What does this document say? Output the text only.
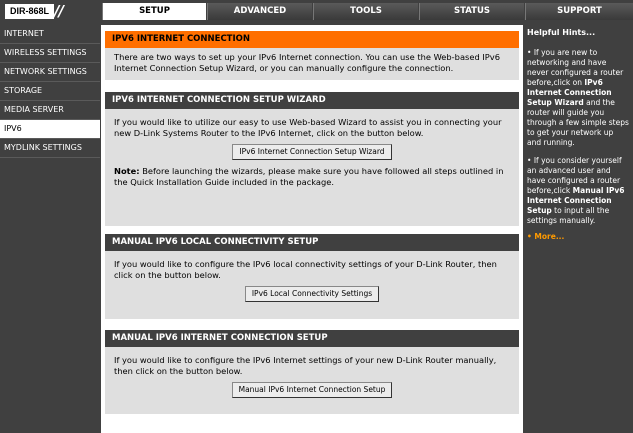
DIR-868L //	SETUP	ADVANCED	TOOLS	STATUS	SUPPORT
INTERNET
WIRELESS SETTINGS
NETWORK SETTINGS
STORAGE
MEDIA SERVER
IPV6
MYDLINK SETTINGS
IPV6 INTERNET CONNECTION
There are two ways to set up your IPv6 Internet connection. You can use the Web-based IPv6 Internet Connection Setup Wizard, or you can manually configure the connection.
IPV6 INTERNET CONNECTION SETUP WIZARD
If you would like to utilize our easy to use Web-based Wizard to assist you in connecting your new D-Link Systems Router to the IPv6 Internet, click on the button below.
IPv6 Internet Connection Setup Wizard
Note: Before launching the wizards, please make sure you have followed all steps outlined in the Quick Installation Guide included in the package.
MANUAL IPV6 LOCAL CONNECTIVITY SETUP
If you would like to configure the IPv6 local connectivity settings of your D-Link Router, then click on the button below.
IPv6 Local Connectivity Settings
MANUAL IPV6 INTERNET CONNECTION SETUP
If you would like to configure the IPv6 Internet settings of your new D-Link Router manually, then click on the button below.
Manual IPv6 Internet Connection Setup
Helpful Hints...
• If you are new to networking and have never configured a router before,click on IPv6 Internet Connection Setup Wizard and the router will guide you through a few simple steps to get your network up and running.
• If you consider yourself an advanced user and have configured a router before,click Manual IPv6 Internet Connection Setup to input all the settings manually.
• More...
